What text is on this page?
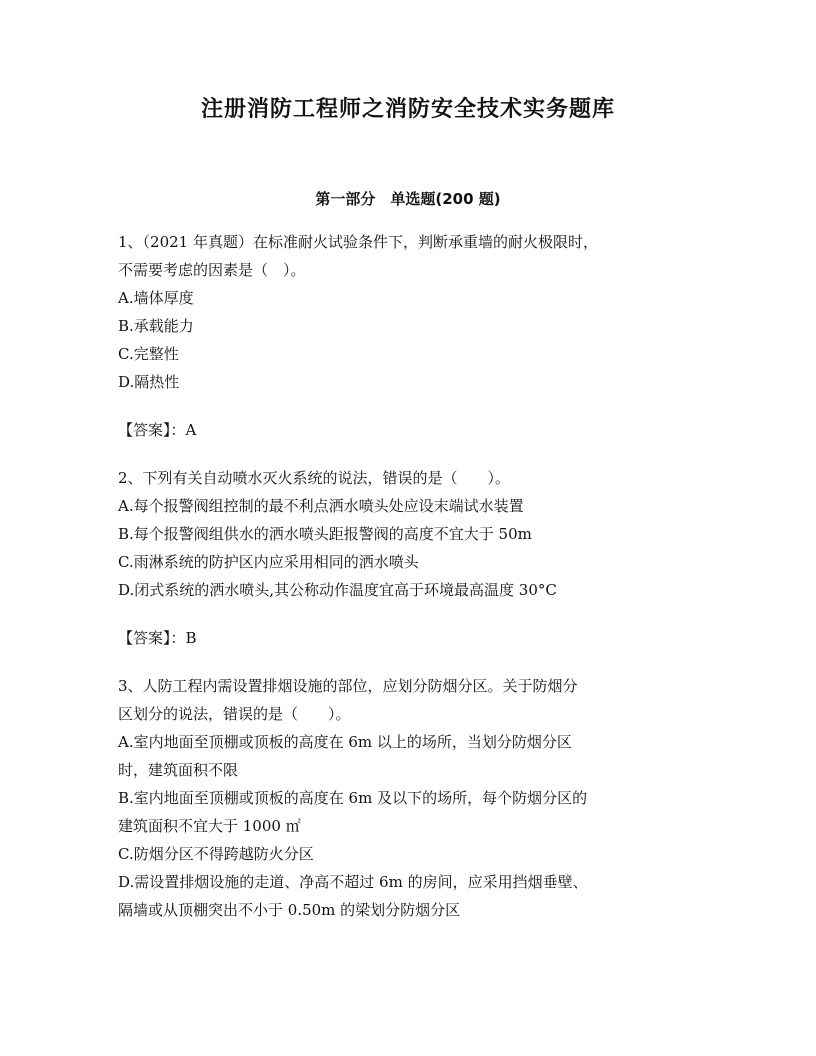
注册消防工程师之消防安全技术实务题库
第一部分　单选题(200 题)
1、（2021 年真题）在标准耐火试验条件下，判断承重墙的耐火极限时，
不需要考虑的因素是（　）。
A.墙体厚度
B.承载能力
C.完整性
D.隔热性
【答案】：A
2、下列有关自动喷水灭火系统的说法，错误的是（　　）。
A.每个报警阀组控制的最不利点洒水喷头处应设末端试水装置
B.每个报警阀组供水的洒水喷头距报警阀的高度不宜大于 50m
C.雨淋系统的防护区内应采用相同的洒水喷头
D.闭式系统的洒水喷头,其公称动作温度宜高于环境最高温度 30°C
【答案】：B
3、人防工程内需设置排烟设施的部位，应划分防烟分区。关于防烟分
区划分的说法，错误的是（　　）。
A.室内地面至顶棚或顶板的高度在 6m 以上的场所，当划分防烟分区
时，建筑面积不限
B.室内地面至顶棚或顶板的高度在 6m 及以下的场所，每个防烟分区的
建筑面积不宜大于 1000 ㎡
C.防烟分区不得跨越防火分区
D.需设置排烟设施的走道、净高不超过 6m 的房间，应采用挡烟垂壁、
隔墙或从顶棚突出不小于 0.50m 的梁划分防烟分区
